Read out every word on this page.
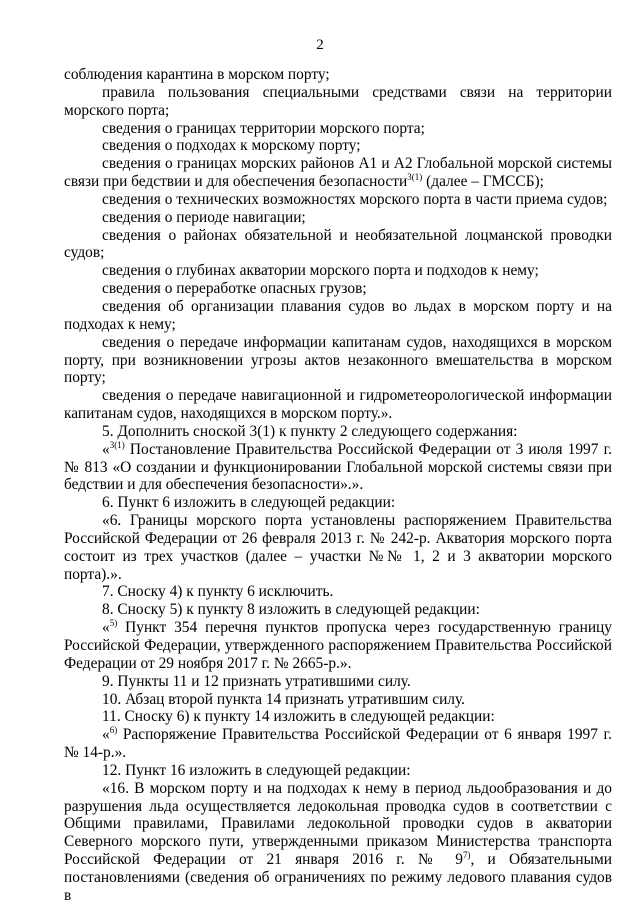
2

соблюдения карантина в морском порту;

правила пользования специальными средствами связи на территории морского порта;

сведения о границах территории морского порта;

сведения о подходах к морскому порту;

сведения о границах морских районов А1 и А2 Глобальной морской системы связи при бедствии и для обеспечения безопасности$^{3(1)}$ (далее – ГМССБ);

сведения о технических возможностях морского порта в части приема судов;

сведения о периоде навигации;

сведения о районах обязательной и необязательной лоцманской проводки судов;

сведения о глубинах акватории морского порта и подходов к нему;

сведения о переработке опасных грузов;

сведения об организации плавания судов во льдах в морском порту и на подходах к нему;

сведения о передаче информации капитанам судов, находящихся в морском порту, при возникновении угрозы актов незаконного вмешательства в морском порту;

сведения о передаче навигационной и гидрометеорологической информации капитанам судов, находящихся в морском порту.».

5. Дополнить сноской 3(1) к пункту 2 следующего содержания:

«$^{3(1)}$ Постановление Правительства Российской Федерации от 3 июля 1997 г. № 813 «О создании и функционировании Глобальной морской системы связи при бедствии и для обеспечения безопасности».».

6. Пункт 6 изложить в следующей редакции:

«6. Границы морского порта установлены распоряжением Правительства Российской Федерации от 26 февраля 2013 г. № 242-р. Акватория морского порта состоит из трех участков (далее – участки №№ 1, 2 и 3 акватории морского порта).».

7. Сноску 4) к пункту 6 исключить.

8. Сноску 5) к пункту 8 изложить в следующей редакции:

«$^{5)}$ Пункт 354 перечня пунктов пропуска через государственную границу Российской Федерации, утвержденного распоряжением Правительства Российской Федерации от 29 ноября 2017 г. № 2665-р.».

9. Пункты 11 и 12 признать утратившими силу.

10. Абзац второй пункта 14 признать утратившим силу.

11. Сноску 6) к пункту 14 изложить в следующей редакции:

«$^{6)}$ Распоряжение Правительства Российской Федерации от 6 января 1997 г. № 14-р.».

12. Пункт 16 изложить в следующей редакции:

«16. В морском порту и на подходах к нему в период льдообразования и до разрушения льда осуществляется ледокольная проводка судов в соответствии с Общими правилами, Правилами ледокольной проводки судов в акватории Северного морского пути, утвержденными приказом Министерства транспорта Российской Федерации от 21 января 2016 г. № 9$^{7)}$, и Обязательными постановлениями (сведения об ограничениях по режиму ледового плавания судов в
